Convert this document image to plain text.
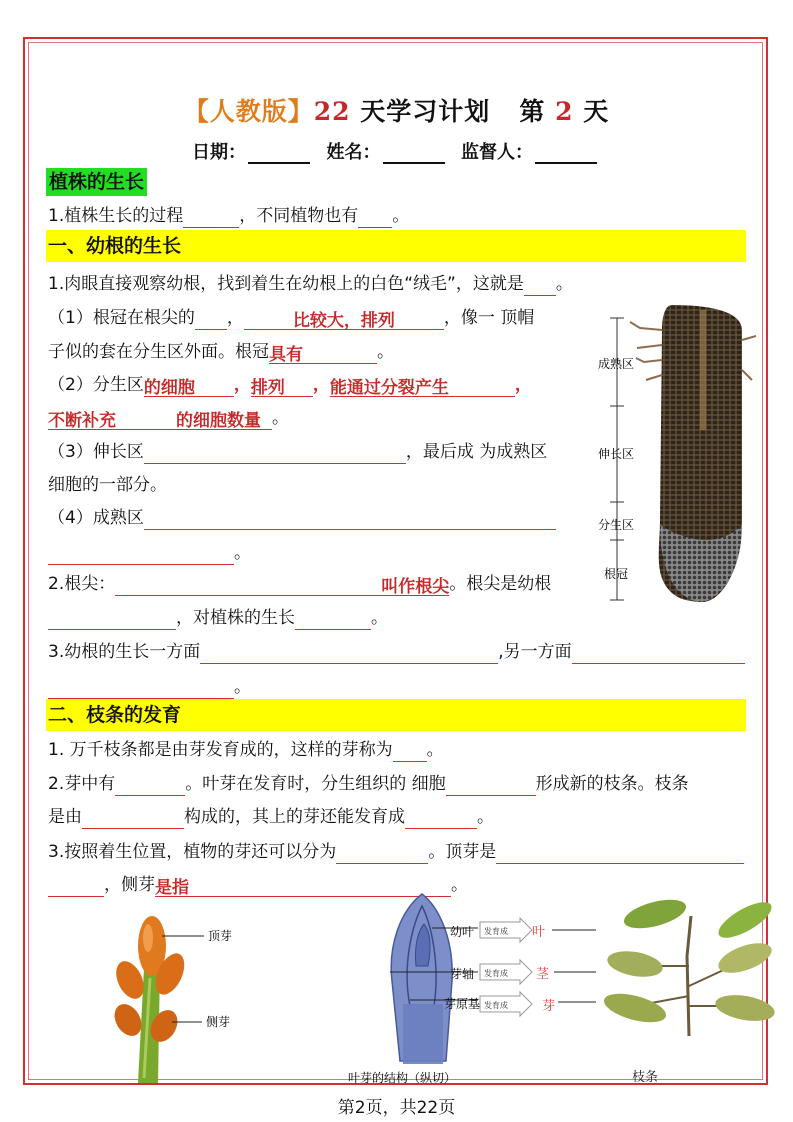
【人教版】22 天学习计划 第 2 天
日期：	姓名：	监督人：
植株的生长
1.植株生长的过程	，不同植物也有 。
一、幼根的生长
1.肉眼直接观察幼根，找到着生在幼根上的白色“绒毛”，这就是 。
（1）根冠在根尖的 ，	比较大，排列	，像一 顶帽
子似的套在分生区外面。根冠具有	。
（2）分生区的细胞 ，排列 ，能通过分裂产生	，
不断补充	的细胞数量 。
（3）伸长区	，最后成 为成熟区
细胞的一部分。
（4）成熟区
。
2.根尖：	叫作根尖。根尖是幼根
，对植株的生长	。
3.幼根的生长一方面	,另一方面
。
成熟区
伸长区
分生区
根冠
二、枝条的发育
1. 万千枝条都是由芽发育成的，这样的芽称为 。
2.芽中有	。叶芽在发育时，分生组织的 细胞	形成新的枝条。枝条
是由	构成的，其上的芽还能发育成	。
3.按照着生位置，植物的芽还可以分为	。顶芽是
，侧芽是指	。
顶芽
侧芽
幼叶
芽轴
芽原基
发育成
发育成
发育成
叶
茎
芽
叶芽的结构（纵切）	枝条
第2页，共22页
